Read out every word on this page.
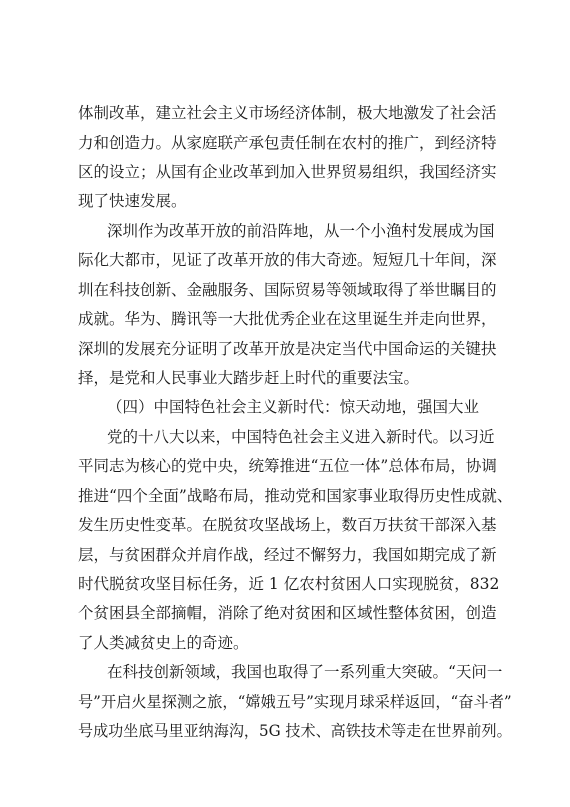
体制改革，建立社会主义市场经济体制，极大地激发了社会活
力和创造力。从家庭联产承包责任制在农村的推广，到经济特
区的设立；从国有企业改革到加入世界贸易组织，我国经济实
现了快速发展。
深圳作为改革开放的前沿阵地，从一个小渔村发展成为国
际化大都市，见证了改革开放的伟大奇迹。短短几十年间，深
圳在科技创新、金融服务、国际贸易等领域取得了举世瞩目的
成就。华为、腾讯等一大批优秀企业在这里诞生并走向世界，
深圳的发展充分证明了改革开放是决定当代中国命运的关键抉
择，是党和人民事业大踏步赶上时代的重要法宝。
（四）中国特色社会主义新时代：惊天动地，强国大业
党的十八大以来，中国特色社会主义进入新时代。以习近
平同志为核心的党中央，统筹推进“五位一体”总体布局，协调
推进“四个全面”战略布局，推动党和国家事业取得历史性成就、
发生历史性变革。在脱贫攻坚战场上，数百万扶贫干部深入基
层，与贫困群众并肩作战，经过不懈努力，我国如期完成了新
时代脱贫攻坚目标任务，近 1 亿农村贫困人口实现脱贫，832
个贫困县全部摘帽，消除了绝对贫困和区域性整体贫困，创造
了人类减贫史上的奇迹。
在科技创新领域，我国也取得了一系列重大突破。“天问一
号”开启火星探测之旅，“嫦娥五号”实现月球采样返回，“奋斗者”
号成功坐底马里亚纳海沟，5G 技术、高铁技术等走在世界前列。
